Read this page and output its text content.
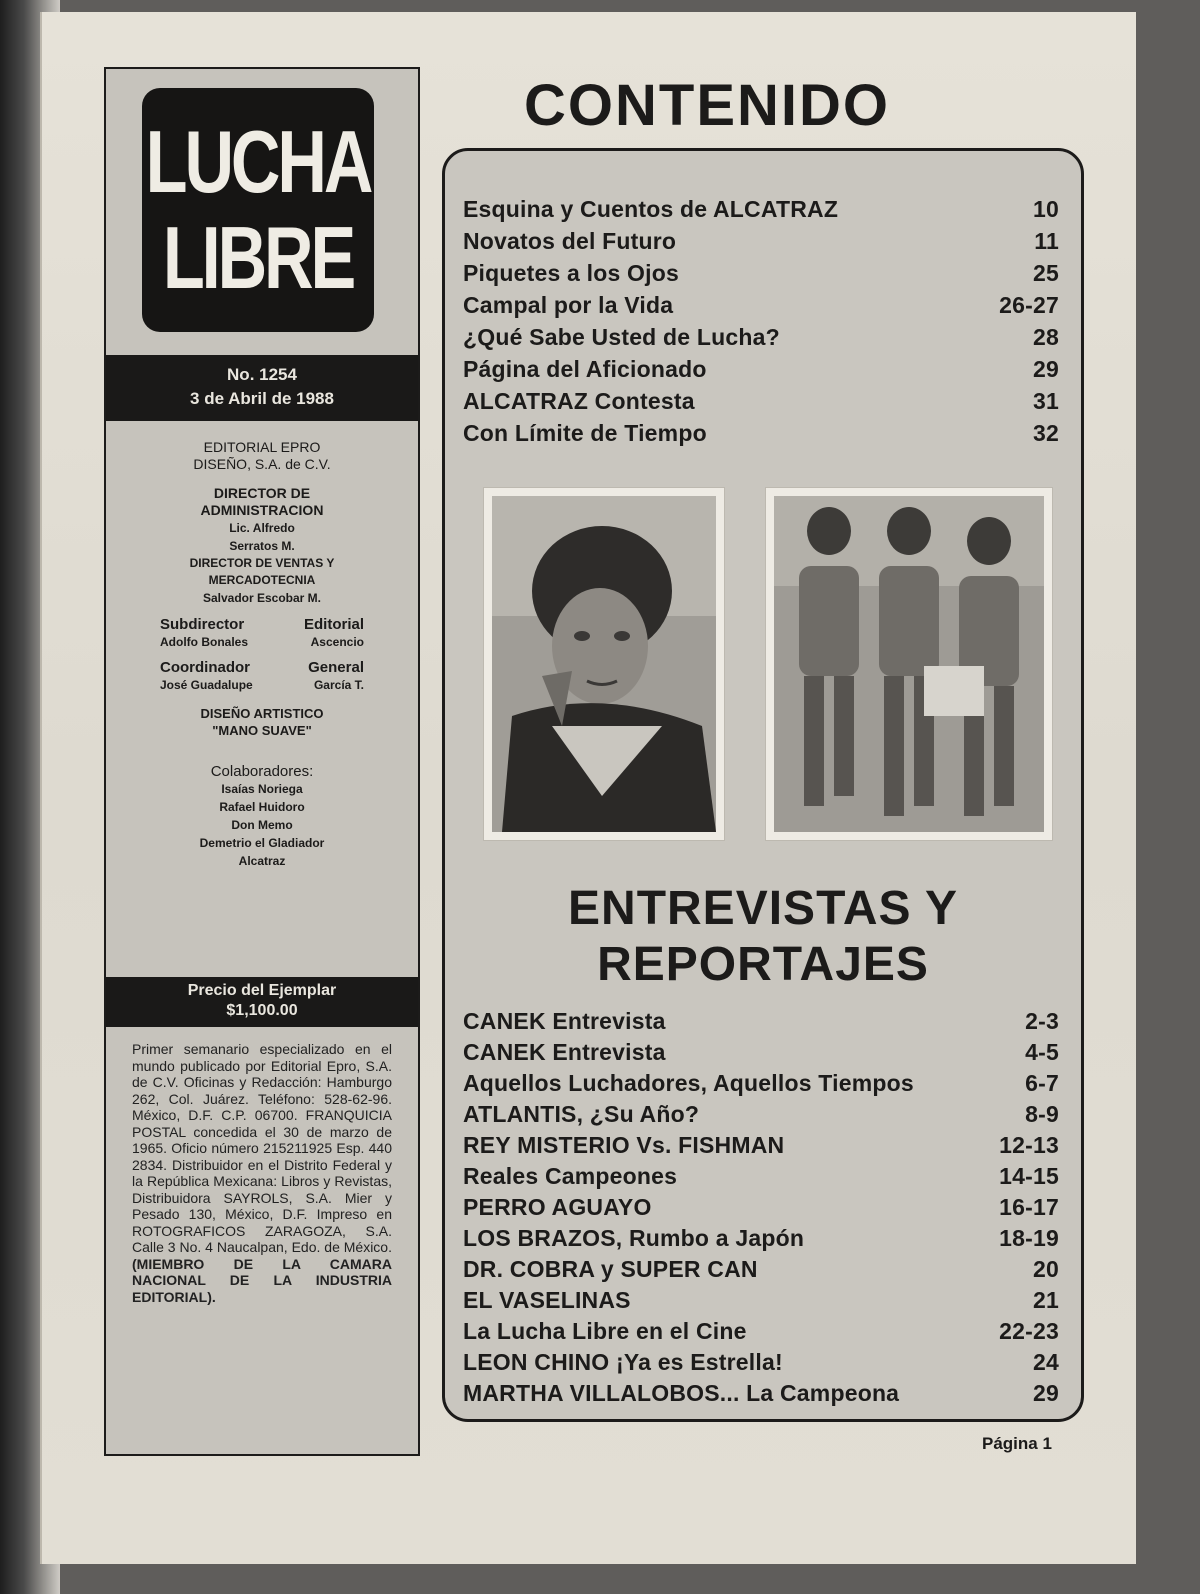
LUCHA
LIBRE
No. 1254
3 de Abril de 1988
EDITORIAL EPRO
DISEÑO, S.A. de C.V.
DIRECTOR DE
ADMINISTRACION
Lic. Alfredo
Serratos M.
DIRECTOR DE VENTAS Y
MERCADOTECNIA
Salvador Escobar M.
Subdirector	Editorial
Adolfo Bonales	Ascencio
Coordinador	General
José Guadalupe	García T.
DISEÑO ARTISTICO
"MANO SUAVE"
Colaboradores:
Isaías Noriega
Rafael Huidoro
Don Memo
Demetrio el Gladiador
Alcatraz
Precio del Ejemplar
$1,100.00
Primer semanario especializado en el mundo publicado por Editorial Epro, S.A. de C.V. Oficinas y Redacción: Hamburgo 262, Col. Juárez. Teléfono: 528-62-96. México, D.F. C.P. 06700. FRANQUICIA POSTAL concedida el 30 de marzo de 1965. Oficio número 215211925 Esp. 440 2834. Distribuidor en el Distrito Federal y la República Mexicana: Libros y Revistas, Distribuidora SAYROLS, S.A. Mier y Pesado 130, México, D.F. Impreso en ROTOGRAFICOS ZARAGOZA, S.A. Calle 3 No. 4 Naucalpan, Edo. de México. (MIEMBRO DE LA CAMARA NACIONAL DE LA INDUSTRIA EDITORIAL).
CONTENIDO
Esquina y Cuentos de ALCATRAZ	10
Novatos del Futuro	11
Piquetes a los Ojos	25
Campal por la Vida	26-27
¿Qué Sabe Usted de Lucha?	28
Página del Aficionado	29
ALCATRAZ Contesta	31
Con Límite de Tiempo	32
ENTREVISTAS Y
REPORTAJES
CANEK Entrevista	2-3
CANEK Entrevista	4-5
Aquellos Luchadores, Aquellos Tiempos	6-7
ATLANTIS, ¿Su Año?	8-9
REY MISTERIO Vs. FISHMAN	12-13
Reales Campeones	14-15
PERRO AGUAYO	16-17
LOS BRAZOS, Rumbo a Japón	18-19
DR. COBRA y SUPER CAN	20
EL VASELINAS	21
La Lucha Libre en el Cine	22-23
LEON CHINO ¡Ya es Estrella!	24
MARTHA VILLALOBOS... La Campeona	29
Página 1
